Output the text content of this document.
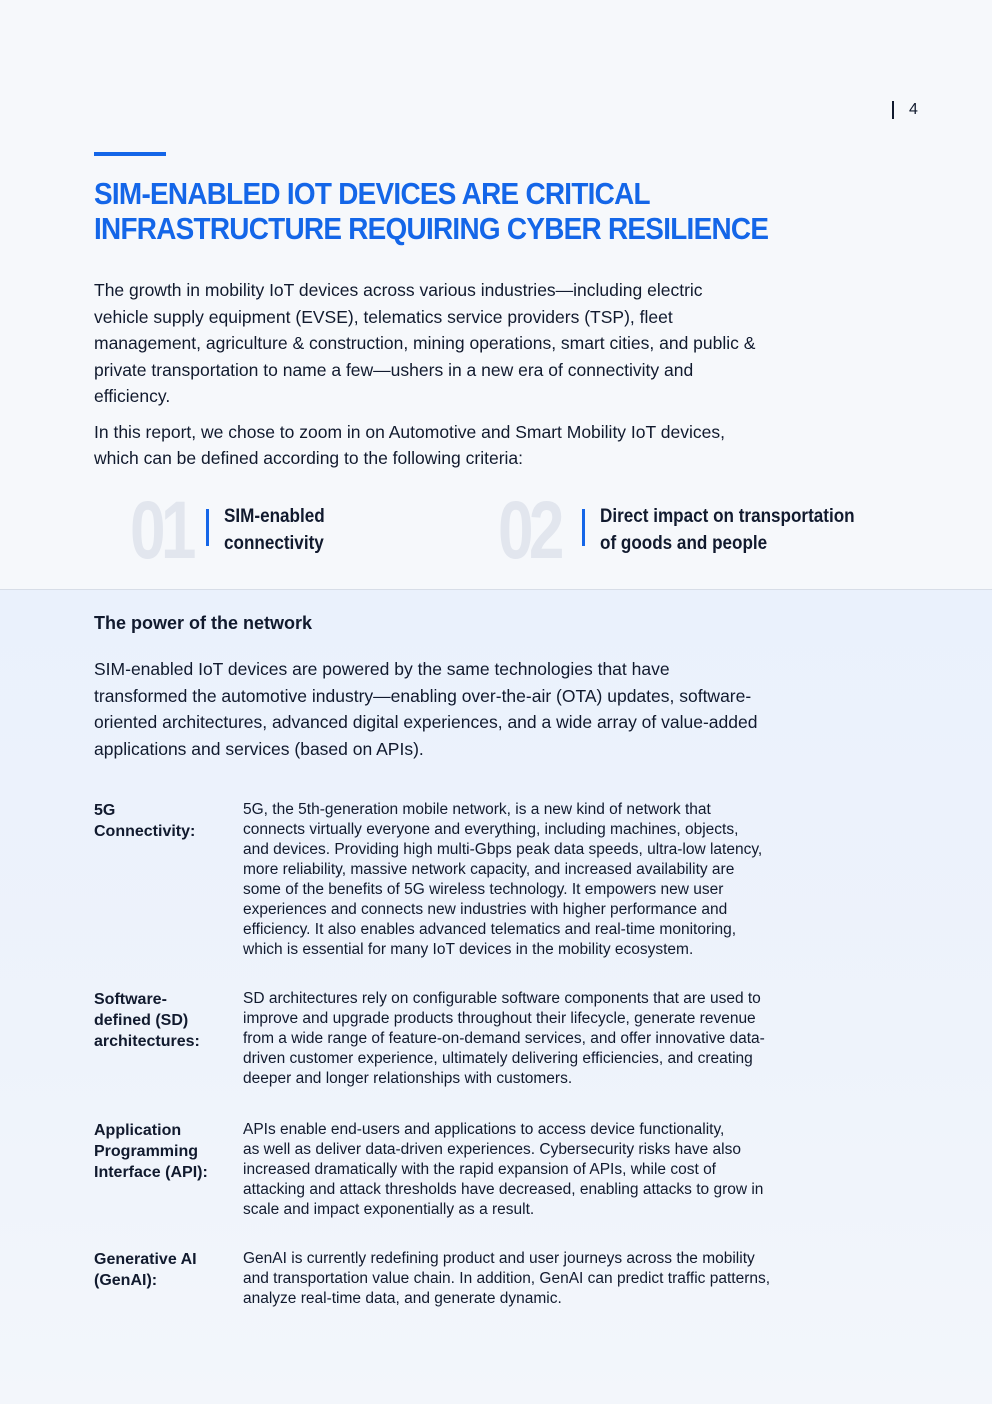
4
SIM-ENABLED IOT DEVICES ARE CRITICAL
INFRASTRUCTURE REQUIRING CYBER RESILIENCE

The growth in mobility IoT devices across various industries—including electric vehicle supply equipment (EVSE), telematics service providers (TSP), fleet management, agriculture & construction, mining operations, smart cities, and public & private transportation to name a few—ushers in a new era of connectivity and efficiency.

In this report, we chose to zoom in on Automotive and Smart Mobility IoT devices, which can be defined according to the following criteria:

01 SIM-enabled
connectivity	02 Direct impact on transportation
of goods and people
The power of the network

SIM-enabled IoT devices are powered by the same technologies that have transformed the automotive industry—enabling over-the-air (OTA) updates, software-oriented architectures, advanced digital experiences, and a wide array of value-added applications and services (based on APIs).

5G
Connectivity:
5G, the 5th-generation mobile network, is a new kind of network that
connects virtually everyone and everything, including machines, objects,
and devices. Providing high multi-Gbps peak data speeds, ultra-low latency,
more reliability, massive network capacity, and increased availability are
some of the benefits of 5G wireless technology. It empowers new user
experiences and connects new industries with higher performance and
efficiency. It also enables advanced telematics and real-time monitoring,
which is essential for many IoT devices in the mobility ecosystem.
Software-
defined (SD)
architectures:
SD architectures rely on configurable software components that are used to
improve and upgrade products throughout their lifecycle, generate revenue
from a wide range of feature-on-demand services, and offer innovative data-
driven customer experience, ultimately delivering efficiencies, and creating
deeper and longer relationships with customers.
Application
Programming
Interface (API):
APIs enable end-users and applications to access device functionality,
as well as deliver data-driven experiences. Cybersecurity risks have also
increased dramatically with the rapid expansion of APIs, while cost of
attacking and attack thresholds have decreased, enabling attacks to grow in
scale and impact exponentially as a result.
Generative AI
(GenAI):
GenAI is currently redefining product and user journeys across the mobility
and transportation value chain. In addition, GenAI can predict traffic patterns,
analyze real-time data, and generate dynamic.
